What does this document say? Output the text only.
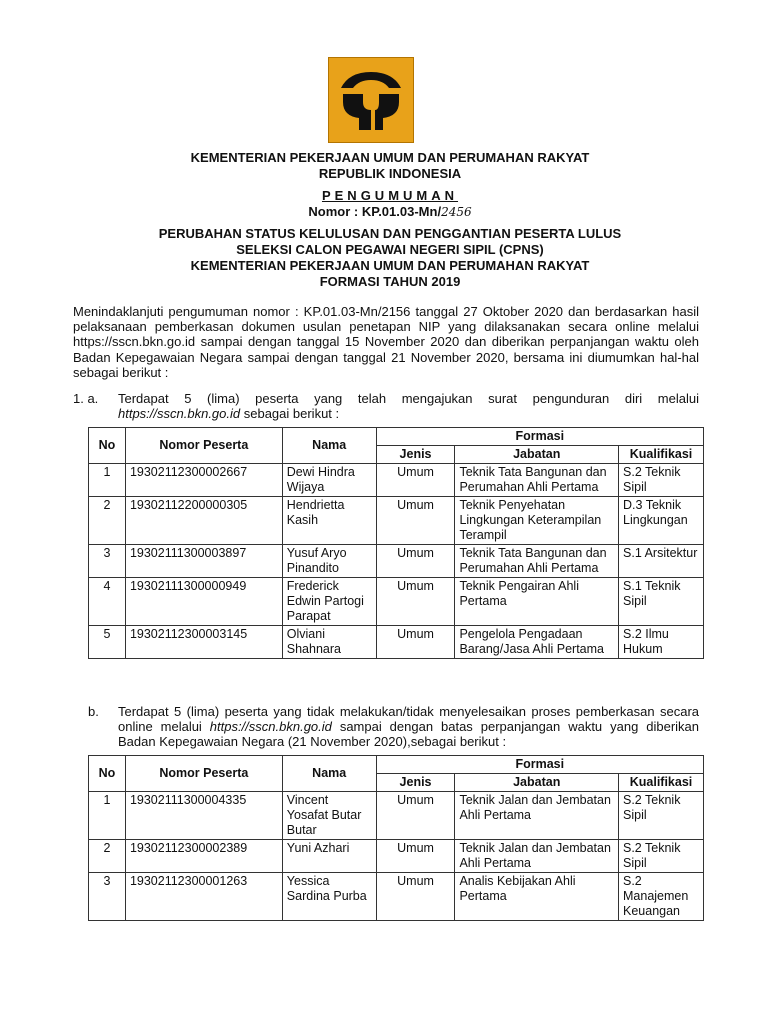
KEMENTERIAN PEKERJAAN UMUM DAN PERUMAHAN RAKYAT
REPUBLIK INDONESIA
PENGUMUMAN
Nomor : KP.01.03-Mn/2456
PERUBAHAN STATUS KELULUSAN DAN PENGGANTIAN PESERTA LULUS
SELEKSI CALON PEGAWAI NEGERI SIPIL (CPNS)
KEMENTERIAN PEKERJAAN UMUM DAN PERUMAHAN RAKYAT
FORMASI TAHUN 2019
Menindaklanjuti pengumuman nomor : KP.01.03-Mn/2156 tanggal 27 Oktober 2020 dan berdasarkan hasil pelaksanaan pemberkasan dokumen usulan penetapan NIP yang dilaksanakan secara online melalui https://sscn.bkn.go.id sampai dengan tanggal 15 November 2020 dan diberikan perpanjangan waktu oleh Badan Kepegawaian Negara sampai dengan tanggal 21 November 2020, bersama ini diumumkan hal-hal sebagai berikut :
1. a. Terdapat 5 (lima) peserta yang telah mengajukan surat pengunduran diri melalui https://sscn.bkn.go.id sebagai berikut :
No	Nomor Peserta	Nama	Formasi		
			Jenis	Jabatan	Kualifikasi
1	19302112300002667	Dewi Hindra Wijaya	Umum	Teknik Tata Bangunan dan Perumahan Ahli Pertama	S.2 Teknik Sipil
2	19302112200000305	Hendrietta Kasih	Umum	Teknik Penyehatan Lingkungan Keterampilan Terampil	D.3 Teknik Lingkungan
3	19302111300003897	Yusuf Aryo Pinandito	Umum	Teknik Tata Bangunan dan Perumahan Ahli Pertama	S.1 Arsitektur
4	19302111300000949	Frederick Edwin Partogi Parapat	Umum	Teknik Pengairan Ahli Pertama	S.1 Teknik Sipil
5	19302112300003145	Olviani Shahnara	Umum	Pengelola Pengadaan Barang/Jasa Ahli Pertama	S.2 Ilmu Hukum
b. Terdapat 5 (lima) peserta yang tidak melakukan/tidak menyelesaikan proses pemberkasan secara online melalui https://sscn.bkn.go.id sampai dengan batas perpanjangan waktu yang diberikan Badan Kepegawaian Negara (21 November 2020),sebagai berikut :
No	Nomor Peserta	Nama	Formasi		
			Jenis	Jabatan	Kualifikasi
1	19302111300004335	Vincent Yosafat Butar Butar	Umum	Teknik Jalan dan Jembatan Ahli Pertama	S.2 Teknik Sipil
2	19302112300002389	Yuni Azhari	Umum	Teknik Jalan dan Jembatan Ahli Pertama	S.2 Teknik Sipil
3	19302112300001263	Yessica Sardina Purba	Umum	Analis Kebijakan Ahli Pertama	S.2 Manajemen Keuangan
